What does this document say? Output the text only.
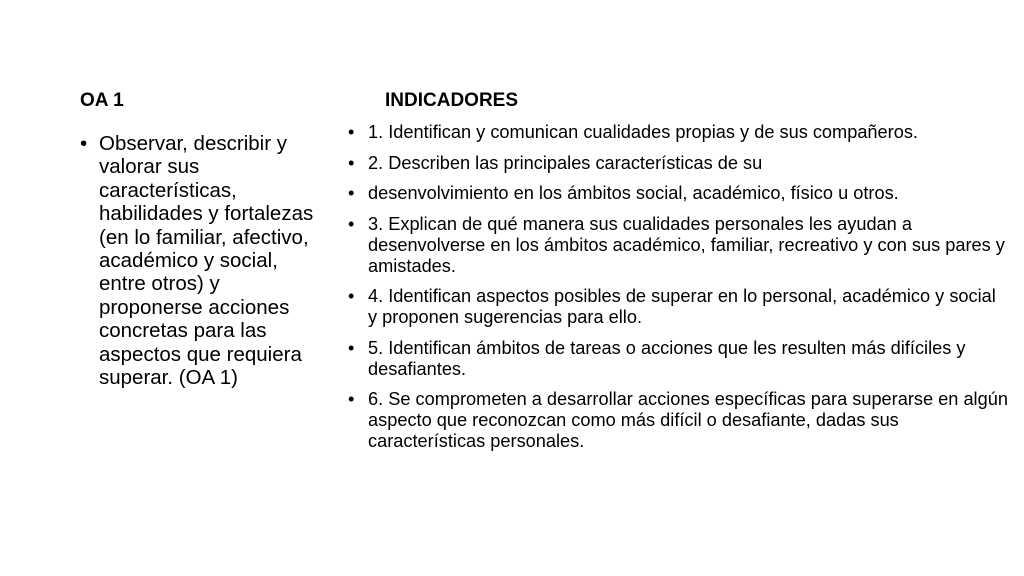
OA 1
• Observar, describir y valorar sus características, habilidades y fortalezas (en lo familiar, afectivo, académico y social, entre otros) y proponerse acciones concretas para las aspectos que requiera superar. (OA 1)
INDICADORES
• 1. Identifican y comunican cualidades propias y de sus compañeros.
• 2. Describen las principales características de su
• desenvolvimiento en los ámbitos social, académico, físico u otros.
• 3. Explican de qué manera sus cualidades personales les ayudan a desenvolverse en los ámbitos académico, familiar, recreativo y con sus pares y amistades.
• 4. Identifican aspectos posibles de superar en lo personal, académico y social y proponen sugerencias para ello.
• 5. Identifican ámbitos de tareas o acciones que les resulten más difíciles y desafiantes.
• 6. Se comprometen a desarrollar acciones específicas para superarse en algún aspecto que reconozcan como más difícil o desafiante, dadas sus características personales.
